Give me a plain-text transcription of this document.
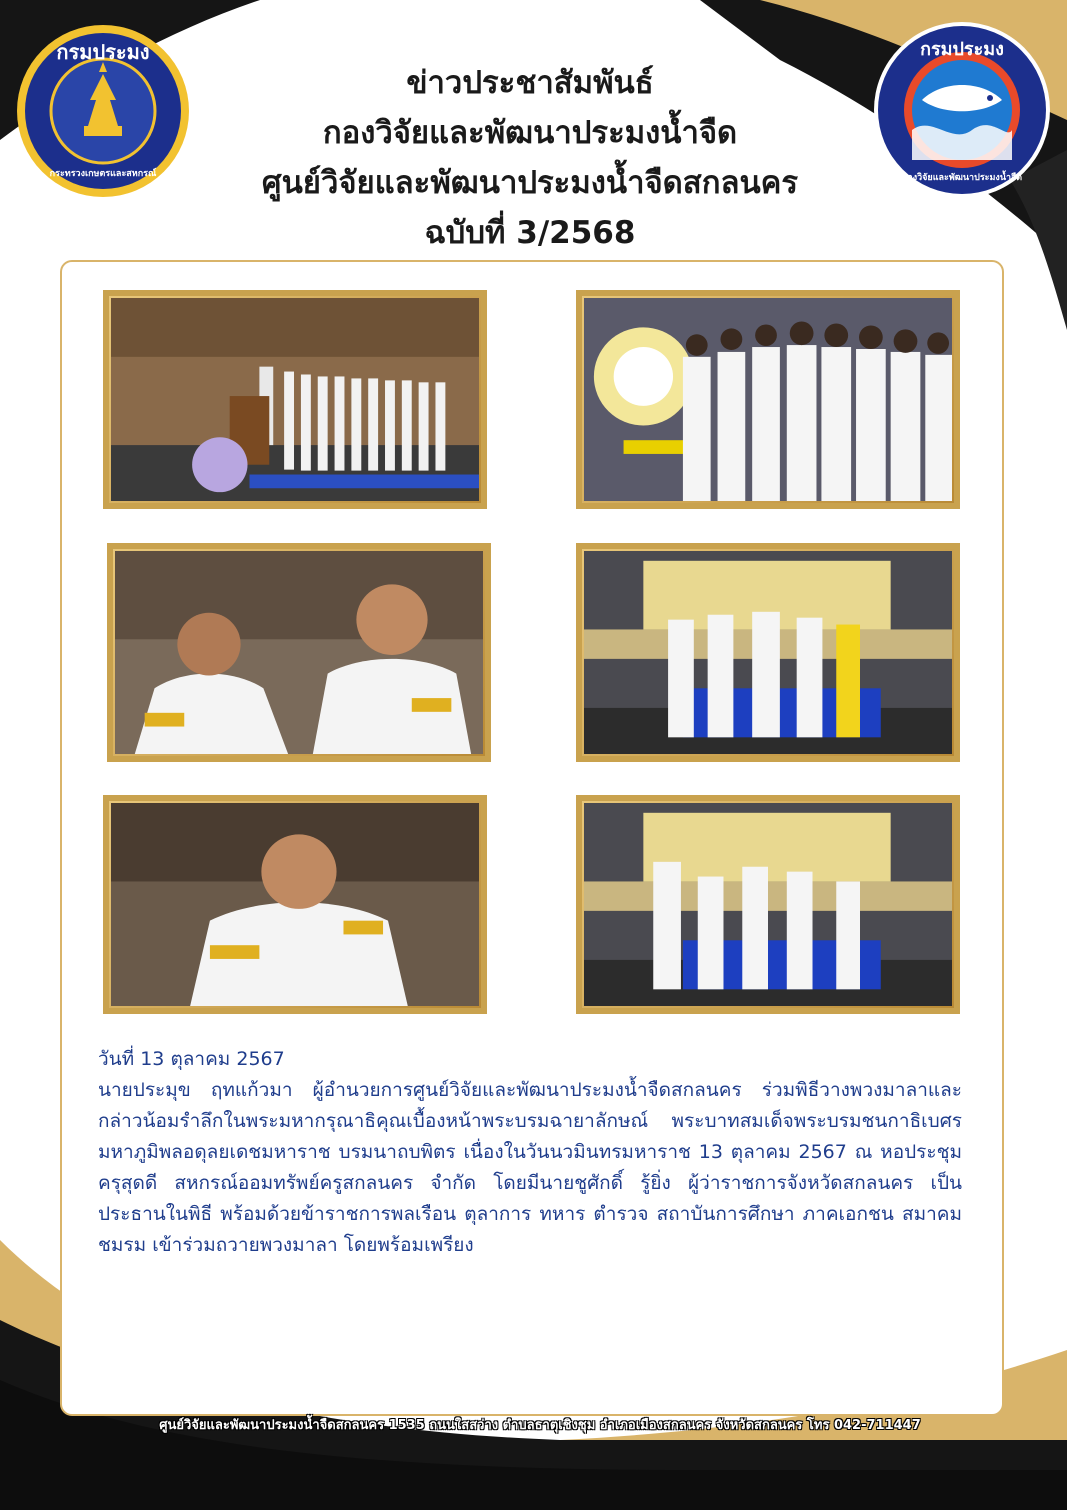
กรมประมง
กระทรวงเกษตรและสหกรณ์
กรมประมง
กองวิจัยและพัฒนาประมงน้ำจืด
ข่าวประชาสัมพันธ์
กองวิจัยและพัฒนาประมงน้ำจืด
ศูนย์วิจัยและพัฒนาประมงน้ำจืดสกลนคร
ฉบับที่ 3/2568
วันที่ 13 ตุลาคม 2567
นายประมุข ฤทแก้วมา ผู้อำนวยการศูนย์วิจัยและพัฒนาประมงน้ำจืดสกลนคร ร่วมพิธีวางพวงมาลาและกล่าวน้อมรำลึกในพระมหากรุณาธิคุณเบื้องหน้าพระบรมฉายาลักษณ์ พระบาทสมเด็จพระบรมชนกาธิเบศร มหาภูมิพลอดุลยเดชมหาราช บรมนาถบพิตร เนื่องในวันนวมินทรมหาราช 13 ตุลาคม 2567 ณ หอประชุมครุสุดดี สหกรณ์ออมทรัพย์ครูสกลนคร จำกัด โดยมีนายชูศักดิ์ รู้ยิ่ง ผู้ว่าราชการจังหวัดสกลนคร เป็นประธานในพิธี พร้อมด้วยข้าราชการพลเรือน ตุลาการ ทหาร ตำรวจ สถาบันการศึกษา ภาคเอกชน สมาคม ชมรม เข้าร่วมถวายพวงมาลา โดยพร้อมเพรียง
ศูนย์วิจัยและพัฒนาประมงน้ำจืดสกลนคร 1535 ถนนใสสว่าง ตำบลธาตุเชิงชุม อำเภอเมืองสกลนคร จังหวัดสกลนคร โทร 042-711447
